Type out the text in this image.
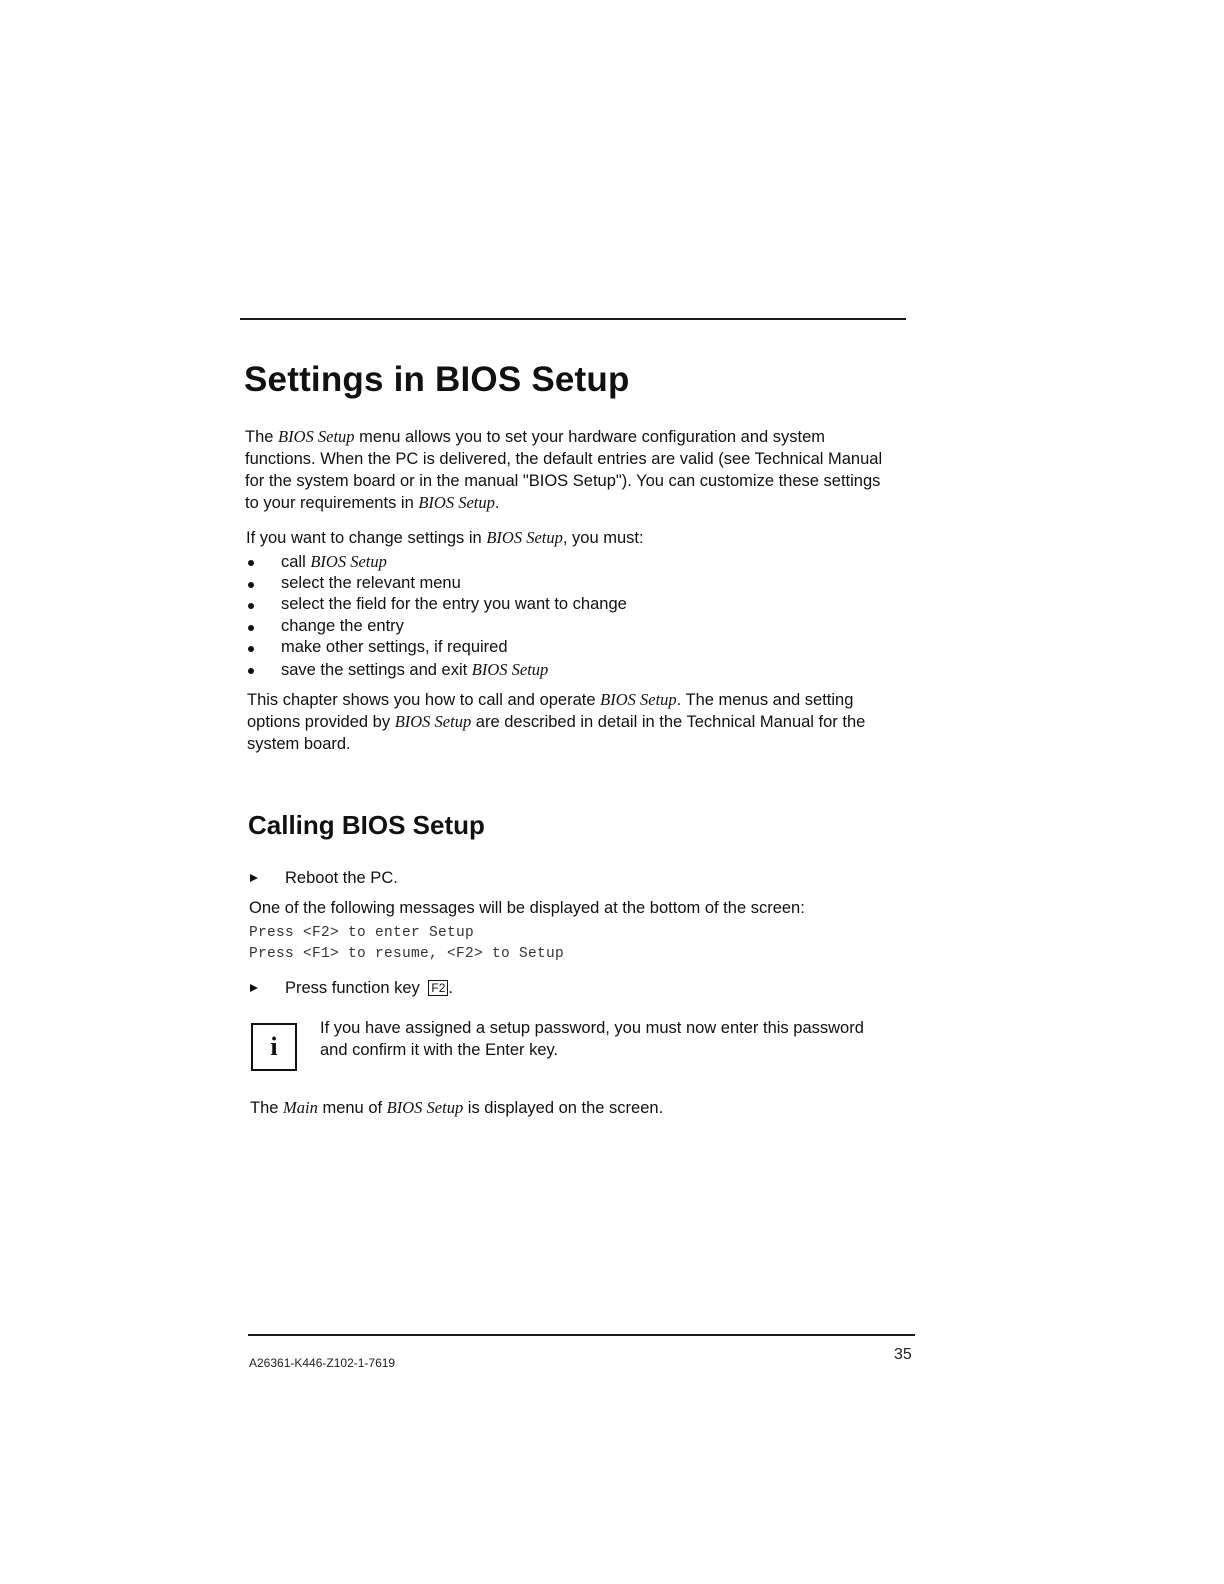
Settings in BIOS Setup

The BIOS Setup menu allows you to set your hardware configuration and system functions. When the PC is delivered, the default entries are valid (see Technical Manual for the system board or in the manual "BIOS Setup"). You can customize these settings to your requirements in BIOS Setup.

If you want to change settings in BIOS Setup, you must:

call BIOS Setup
select the relevant menu
select the field for the entry you want to change
change the entry
make other settings, if required
save the settings and exit BIOS Setup

This chapter shows you how to call and operate BIOS Setup. The menus and setting options provided by BIOS Setup are described in detail in the Technical Manual for the system board.

Calling BIOS Setup
Reboot the PC.

One of the following messages will be displayed at the bottom of the screen:

Press <F2> to enter Setup
Press <F1> to resume, <F2> to Setup
Press function key F2 .
i

If you have assigned a setup password, you must now enter this password and confirm it with the Enter key.

The Main menu of BIOS Setup is displayed on the screen.

A26361-K446-Z102-1-7619	35
